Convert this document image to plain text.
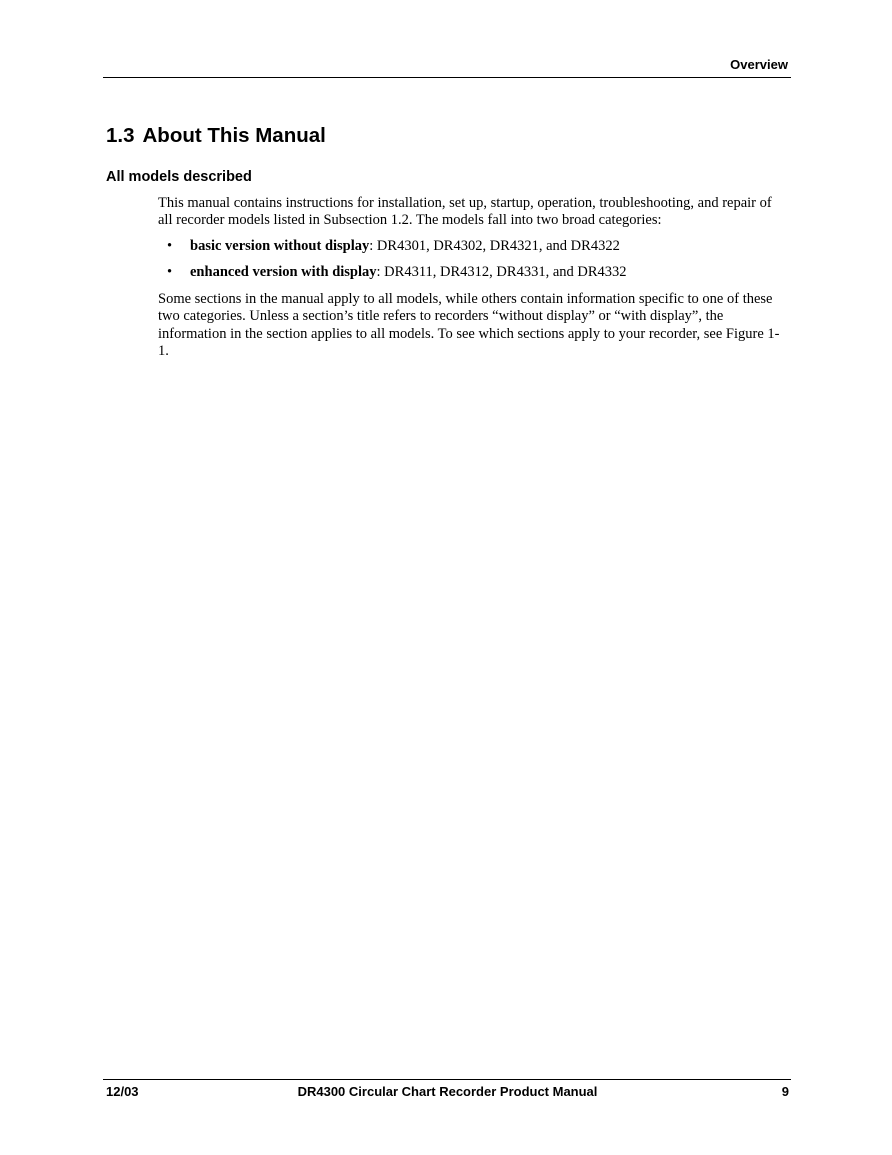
Overview
1.3 About This Manual
All models described

This manual contains instructions for installation, set up, startup, operation, troubleshooting, and repair of all recorder models listed in Subsection 1.2. The models fall into two broad categories:

• basic version without display: DR4301, DR4302, DR4321, and DR4322
• enhanced version with display: DR4311, DR4312, DR4331, and DR4332

Some sections in the manual apply to all models, while others contain information specific to one of these two categories. Unless a section’s title refers to recorders “without display” or “with display”, the information in the section applies to all models. To see which sections apply to your recorder, see Figure 1-1.

12/03	DR4300 Circular Chart Recorder Product Manual	9
